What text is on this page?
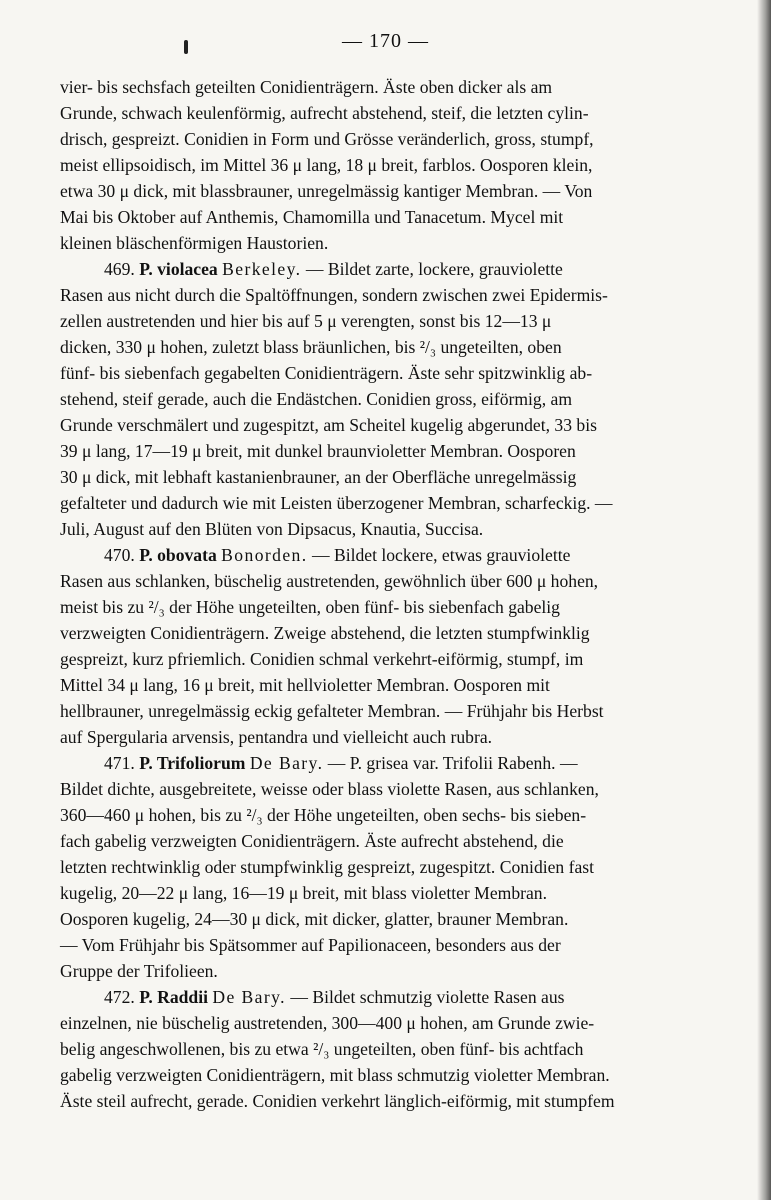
— 170 —
vier- bis sechsfach geteilten Conidienträgern. Äste oben dicker als am
Grunde, schwach keulenförmig, aufrecht abstehend, steif, die letzten cylin-
drisch, gespreizt. Conidien in Form und Grösse veränderlich, gross, stumpf,
meist ellipsoidisch, im Mittel 36 μ lang, 18 μ breit, farblos. Oosporen klein,
etwa 30 μ dick, mit blassbrauner, unregelmässig kantiger Membran. — Von
Mai bis Oktober auf Anthemis, Chamomilla und Tanacetum. Mycel mit
kleinen bläschenförmigen Haustorien.
469. P. violacea Berkeley. — Bildet zarte, lockere, grauviolette
Rasen aus nicht durch die Spaltöffnungen, sondern zwischen zwei Epidermis-
zellen austretenden und hier bis auf 5 μ verengten, sonst bis 12—13 μ
dicken, 330 μ hohen, zuletzt blass bräunlichen, bis ²/₃ ungeteilten, oben
fünf- bis siebenfach gegabelten Conidienträgern. Äste sehr spitzwinklig ab-
stehend, steif gerade, auch die Endästchen. Conidien gross, eiförmig, am
Grunde verschmälert und zugespitzt, am Scheitel kugelig abgerundet, 33 bis
39 μ lang, 17—19 μ breit, mit dunkel braunvioletter Membran. Oosporen
30 μ dick, mit lebhaft kastanienbrauner, an der Oberfläche unregelmässig
gefalteter und dadurch wie mit Leisten überzogener Membran, scharfeckig. —
Juli, August auf den Blüten von Dipsacus, Knautia, Succisa.
470. P. obovata Bonorden. — Bildet lockere, etwas grauviolette
Rasen aus schlanken, büschelig austretenden, gewöhnlich über 600 μ hohen,
meist bis zu ²/₃ der Höhe ungeteilten, oben fünf- bis siebenfach gabelig
verzweigten Conidienträgern. Zweige abstehend, die letzten stumpfwinklig
gespreizt, kurz pfriemlich. Conidien schmal verkehrt-eiförmig, stumpf, im
Mittel 34 μ lang, 16 μ breit, mit hellvioletter Membran. Oosporen mit
hellbrauner, unregelmässig eckig gefalteter Membran. — Frühjahr bis Herbst
auf Spergularia arvensis, pentandra und vielleicht auch rubra.
471. P. Trifoliorum De Bary. — P. grisea var. Trifolii Rabenh. —
Bildet dichte, ausgebreitete, weisse oder blass violette Rasen, aus schlanken,
360—460 μ hohen, bis zu ²/₃ der Höhe ungeteilten, oben sechs- bis sieben-
fach gabelig verzweigten Conidienträgern. Äste aufrecht abstehend, die
letzten rechtwinklig oder stumpfwinklig gespreizt, zugespitzt. Conidien fast
kugelig, 20—22 μ lang, 16—19 μ breit, mit blass violetter Membran.
Oosporen kugelig, 24—30 μ dick, mit dicker, glatter, brauner Membran.
— Vom Frühjahr bis Spätsommer auf Papilionaceen, besonders aus der
Gruppe der Trifolieen.
472. P. Raddii De Bary. — Bildet schmutzig violette Rasen aus
einzelnen, nie büschelig austretenden, 300—400 μ hohen, am Grunde zwie-
belig angeschwollenen, bis zu etwa ²/₃ ungeteilten, oben fünf- bis achtfach
gabelig verzweigten Conidienträgern, mit blass schmutzig violetter Membran.
Äste steil aufrecht, gerade. Conidien verkehrt länglich-eiförmig, mit stumpfem
